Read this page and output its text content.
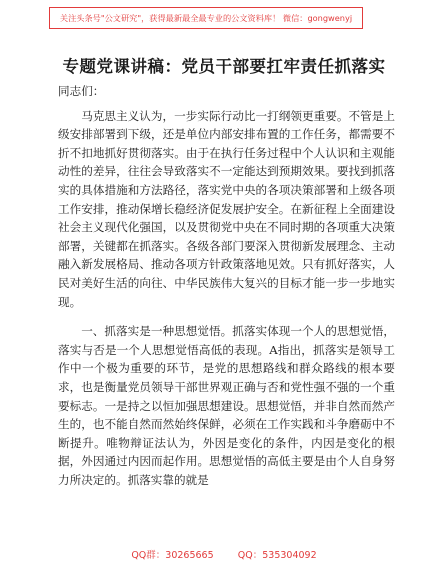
关注头条号"公文研究"，获得最新最全最专业的公文资料库！ 微信：gongwenyj
专题党课讲稿：党员干部要扛牢责任抓落实

同志们：

马克思主义认为，一步实际行动比一打纲领更重要。不管是上级安排部署到下级，还是单位内部安排布置的工作任务，都需要不折不扣地抓好贯彻落实。由于在执行任务过程中个人认识和主观能动性的差异，往往会导致落实不一定能达到预期效果。要找到抓落实的具体措施和方法路径，落实党中央的各项决策部署和上级各项工作安排，推动保增长稳经济促发展护安全。在新征程上全面建设社会主义现代化强国，以及贯彻党中央在不同时期的各项重大决策部署，关键都在抓落实。各级各部门要深入贯彻新发展理念、主动融入新发展格局、推动各项方针政策落地见效。只有抓好落实，人民对美好生活的向往、中华民族伟大复兴的目标才能一步一步地实现。

一、抓落实是一种思想觉悟。抓落实体现一个人的思想觉悟，落实与否是一个人思想觉悟高低的表现。A指出，抓落实是领导工作中一个极为重要的环节，是党的思想路线和群众路线的根本要求，也是衡量党员领导干部世界观正确与否和党性强不强的一个重要标志。一是持之以恒加强思想建设。思想觉悟，并非自然而然产生的，也不能自然而然始终保鲜，必须在工作实践和斗争磨砺中不断提升。唯物辩证法认为，外因是变化的条件，内因是变化的根据，外因通过内因而起作用。思想觉悟的高低主要是由个人自身努力所决定的。抓落实靠的就是

QQ群：30265665        QQ：535304092
